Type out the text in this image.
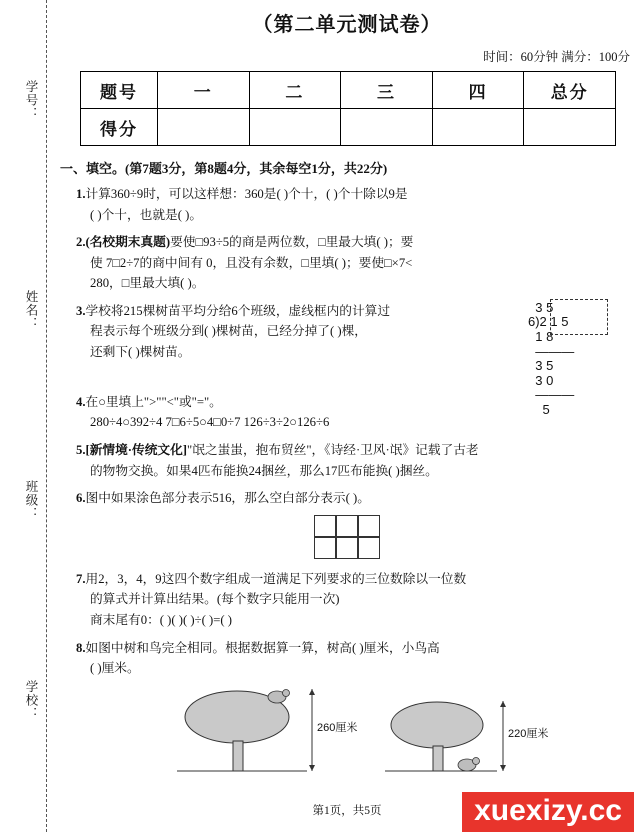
学号：
姓名：
班级：
学校：
（第二单元测试卷）
时间：60分钟 满分：100分
题号	一	二	三	四	总分
得分					
一、填空。(第7题3分，第8题4分，其余每空1分，共22分)
1.计算360÷9时，可以这样想：360是( )个十，( )个十除以9是
( )个十，也就是( )。
2.(名校期末真题)要使□93÷5的商是两位数，□里最大填( )；要
使 7□2÷7的商中间有 0，且没有余数，□里填( )；要使□×7<
280，□里最大填( )。
3.学校将215棵树苗平均分给6个班级，虚线框内的计算过
程表示每个班级分到( )棵树苗，已经分掉了( )棵，
还剩下( )棵树苗。
3 5
6)2 1 5
1 8
———
3 5
3 0
———
5
4.在○里填上">""<"或"="。
280÷4○392÷4 7□6÷5○4□0÷7 126÷3÷2○126÷6
5.[新情境·传统文化]"氓之蚩蚩，抱布贸丝"，《诗经·卫风·氓》记载了古老
的物物交换。如果4匹布能换24捆丝，那么17匹布能换( )捆丝。
6.图中如果涂色部分表示516，那么空白部分表示( )。
7.用2，3，4，9这四个数字组成一道满足下列要求的三位数除以一位数
的算式并计算出结果。(每个数字只能用一次)
商末尾有0：( )( )( )÷( )=( )
8.如图中树和鸟完全相同。根据数据算一算，树高( )厘米，小鸟高
( )厘米。
260厘米	220厘米
第1页，共5页	xuexizy.cc
